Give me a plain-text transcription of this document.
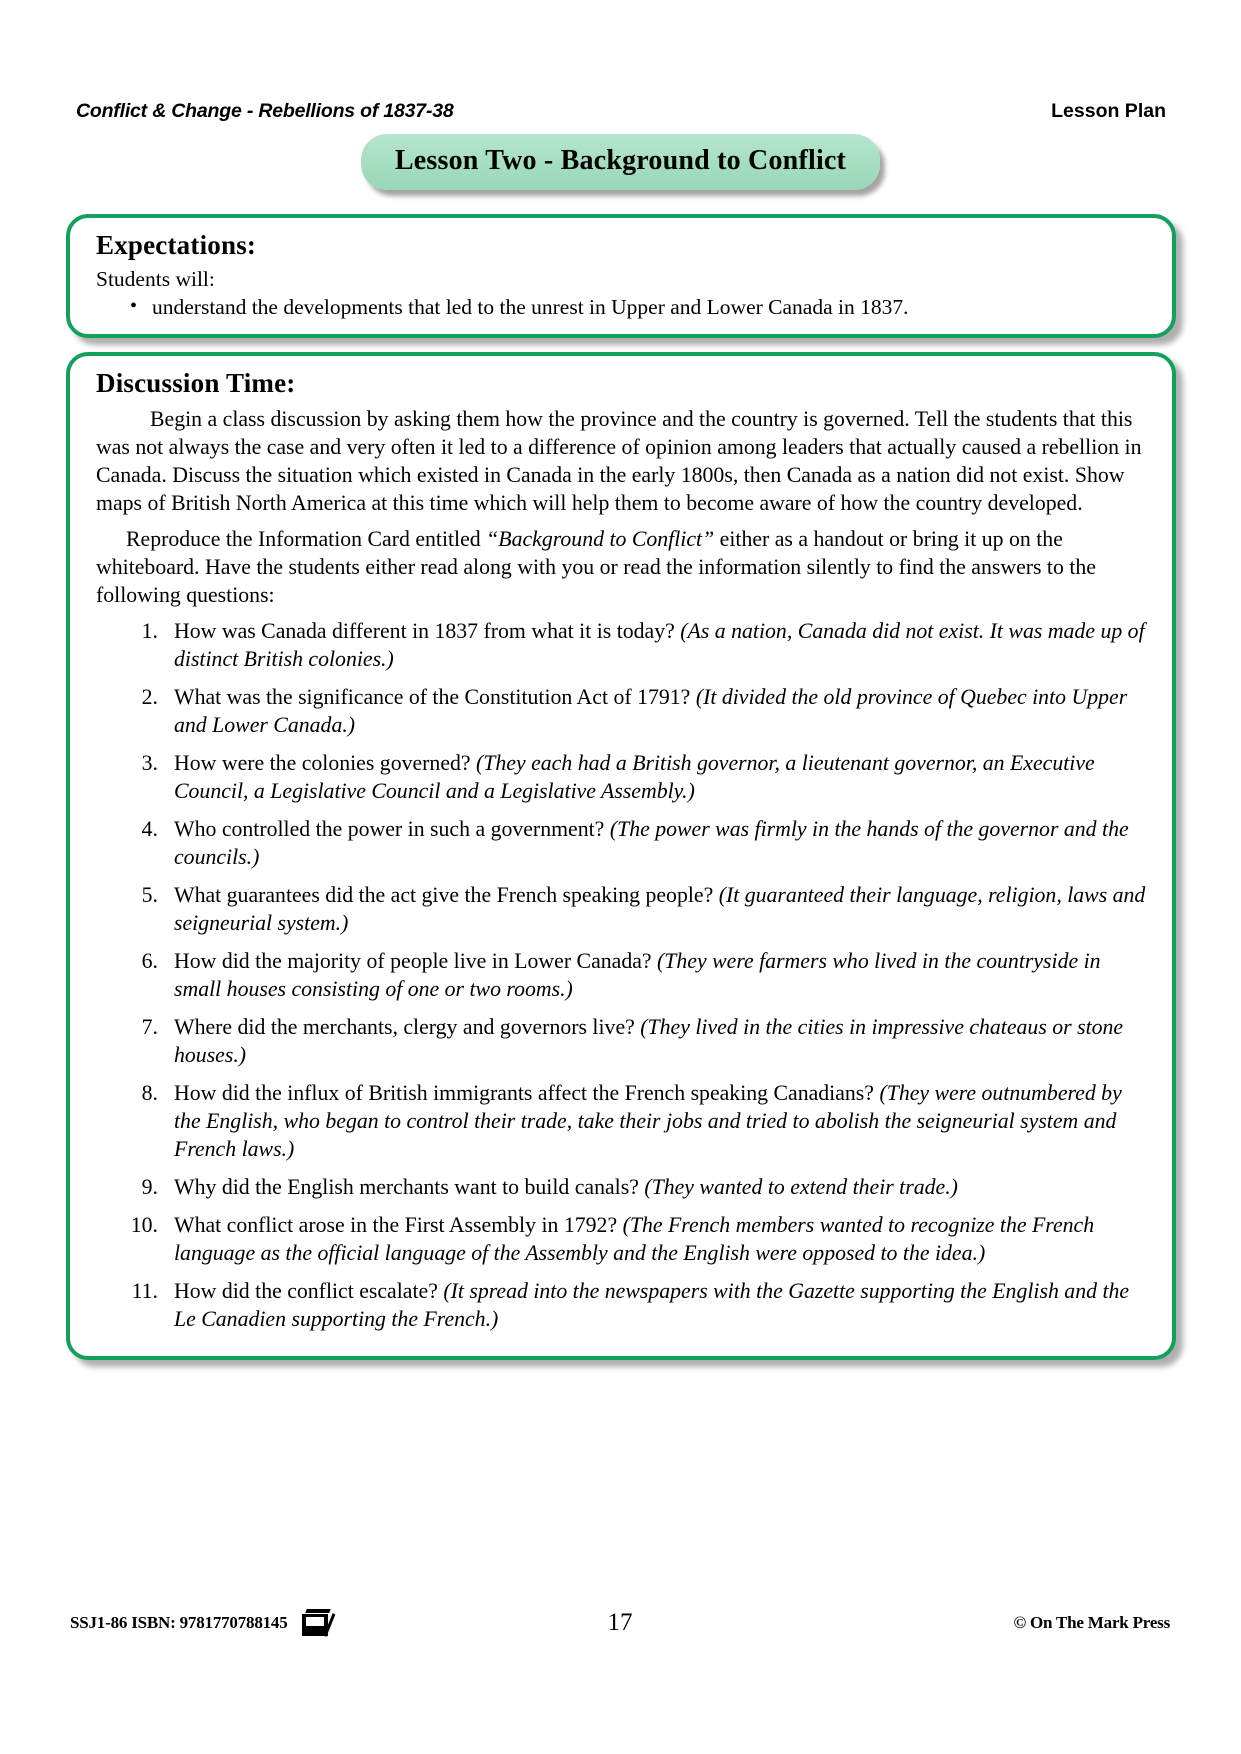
Conflict & Change - Rebellions of 1837-38	Lesson Plan
Lesson Two - Background to Conflict
Expectations:

Students will:

• understand the developments that led to the unrest in Upper and Lower Canada in 1837.
Discussion Time:

Begin a class discussion by asking them how the province and the country is governed. Tell the students that this was not always the case and very often it led to a difference of opinion among leaders that actually caused a rebellion in Canada. Discuss the situation which existed in Canada in the early 1800s, then Canada as a nation did not exist. Show maps of British North America at this time which will help them to become aware of how the country developed.

Reproduce the Information Card entitled “Background to Conflict” either as a handout or bring it up on the whiteboard. Have the students either read along with you or read the information silently to find the answers to the following questions:

1. How was Canada different in 1837 from what it is today? (As a nation, Canada did not exist. It was made up of distinct British colonies.)
2. What was the significance of the Constitution Act of 1791? (It divided the old province of Quebec into Upper and Lower Canada.)
3. How were the colonies governed? (They each had a British governor, a lieutenant governor, an Executive Council, a Legislative Council and a Legislative Assembly.)
4. Who controlled the power in such a government? (The power was firmly in the hands of the governor and the councils.)
5. What guarantees did the act give the French speaking people? (It guaranteed their language, religion, laws and seigneurial system.)
6. How did the majority of people live in Lower Canada? (They were farmers who lived in the countryside in small houses consisting of one or two rooms.)
7. Where did the merchants, clergy and governors live? (They lived in the cities in impressive chateaus or stone houses.)
8. How did the influx of British immigrants affect the French speaking Canadians? (They were outnumbered by the English, who began to control their trade, take their jobs and tried to abolish the seigneurial system and French laws.)
9. Why did the English merchants want to build canals? (They wanted to extend their trade.)
10. What conflict arose in the First Assembly in 1792? (The French members wanted to recognize the French language as the official language of the Assembly and the English were opposed to the idea.)
11. How did the conflict escalate? (It spread into the newspapers with the Gazette supporting the English and the Le Canadien supporting the French.)
SSJ1-86 ISBN: 9781770788145	17	© On The Mark Press
